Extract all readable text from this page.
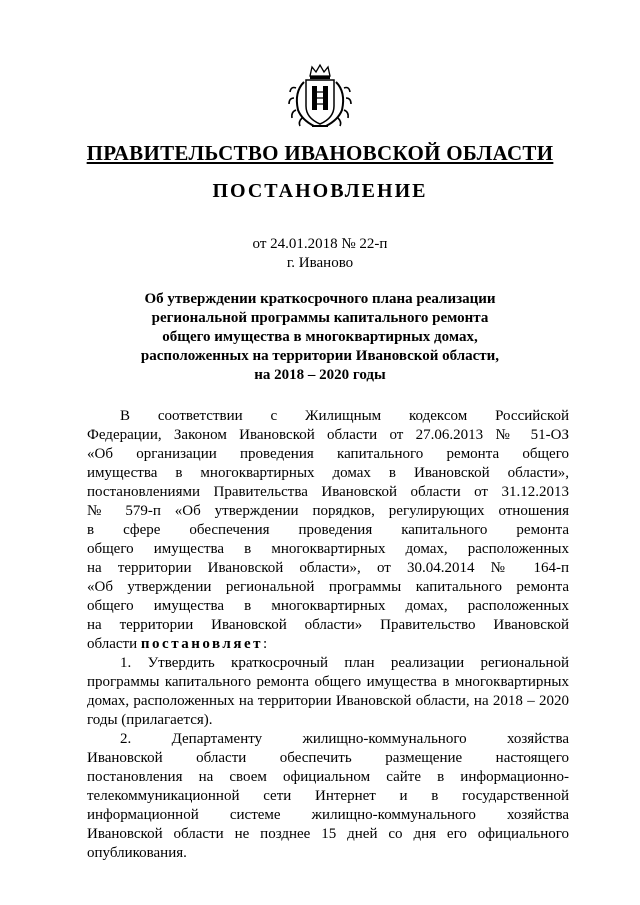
ПРАВИТЕЛЬСТВО ИВАНОВСКОЙ ОБЛАСТИ
ПОСТАНОВЛЕНИЕ
от 24.01.2018 № 22-п
г. Иваново
Об утверждении краткосрочного плана реализации
региональной программы капитального ремонта
общего имущества в многоквартирных домах,
расположенных на территории Ивановской области,
на 2018 – 2020 годы
В соответствии с Жилищным кодексом Российской
Федерации, Законом Ивановской области от 27.06.2013 № 51-ОЗ
«Об организации проведения капитального ремонта общего
имущества в многоквартирных домах в Ивановской области»,
постановлениями Правительства Ивановской области от 31.12.2013
№ 579-п «Об утверждении порядков, регулирующих отношения
в сфере обеспечения проведения капитального ремонта
общего имущества в многоквартирных домах, расположенных
на территории Ивановской области», от 30.04.2014 № 164-п
«Об утверждении региональной программы капитального ремонта
общего имущества в многоквартирных домах, расположенных
на территории Ивановской области» Правительство Ивановской
области постановляет:
1. Утвердить краткосрочный план реализации региональной
программы капитального ремонта общего имущества в многоквартирных
домах, расположенных на территории Ивановской области, на 2018 – 2020
годы (прилагается).
2. Департаменту жилищно-коммунального хозяйства
Ивановской области обеспечить размещение настоящего
постановления на своем официальном сайте в информационно-
телекоммуникационной сети Интернет и в государственной
информационной системе жилищно-коммунального хозяйства
Ивановской области не позднее 15 дней со дня его официального
опубликования.
